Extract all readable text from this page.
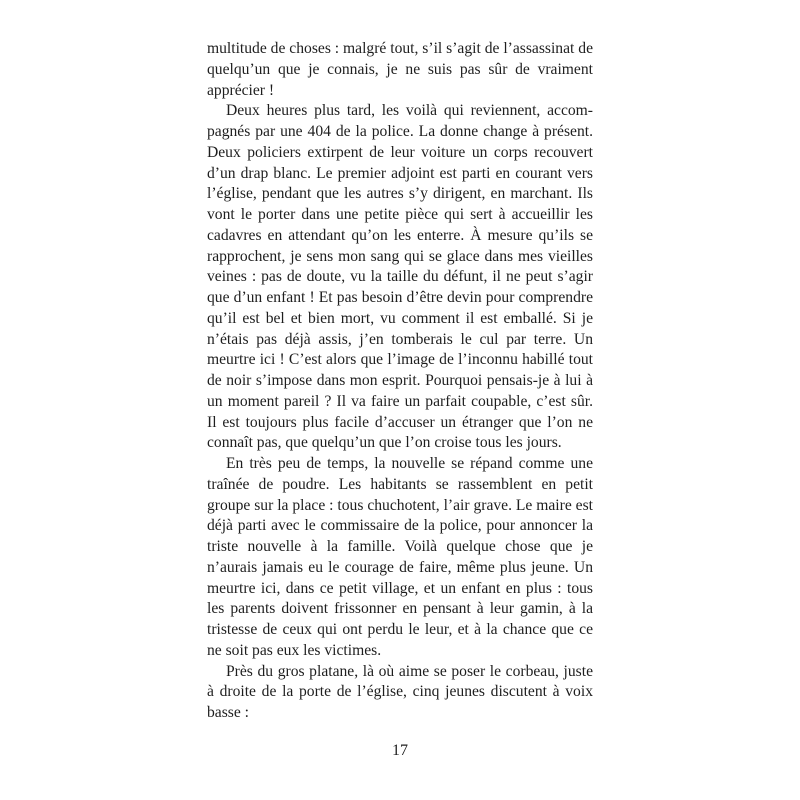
multitude de choses : malgré tout, s’il s’agit de l’assassinat de quelqu’un que je connais, je ne suis pas sûr de vraiment apprécier !

Deux heures plus tard, les voilà qui reviennent, accompagnés par une 404 de la police. La donne change à présent. Deux policiers extirpent de leur voiture un corps recouvert d’un drap blanc. Le premier adjoint est parti en courant vers l’église, pendant que les autres s’y dirigent, en marchant. Ils vont le porter dans une petite pièce qui sert à accueillir les cadavres en attendant qu’on les enterre. À mesure qu’ils se rapprochent, je sens mon sang qui se glace dans mes vieilles veines : pas de doute, vu la taille du défunt, il ne peut s’agir que d’un enfant ! Et pas besoin d’être devin pour comprendre qu’il est bel et bien mort, vu comment il est emballé. Si je n’étais pas déjà assis, j’en tomberais le cul par terre. Un meurtre ici ! C’est alors que l’image de l’inconnu habillé tout de noir s’impose dans mon esprit. Pourquoi pensais-je à lui à un moment pareil ? Il va faire un parfait coupable, c’est sûr. Il est toujours plus facile d’accuser un étranger que l’on ne connaît pas, que quelqu’un que l’on croise tous les jours.

En très peu de temps, la nouvelle se répand comme une traînée de poudre. Les habitants se rassemblent en petit groupe sur la place : tous chuchotent, l’air grave. Le maire est déjà parti avec le commissaire de la police, pour annoncer la triste nouvelle à la famille. Voilà quelque chose que je n’aurais jamais eu le courage de faire, même plus jeune. Un meurtre ici, dans ce petit village, et un enfant en plus : tous les parents doivent frissonner en pensant à leur gamin, à la tristesse de ceux qui ont perdu le leur, et à la chance que ce ne soit pas eux les victimes.

Près du gros platane, là où aime se poser le corbeau, juste à droite de la porte de l’église, cinq jeunes discutent à voix basse :

17
